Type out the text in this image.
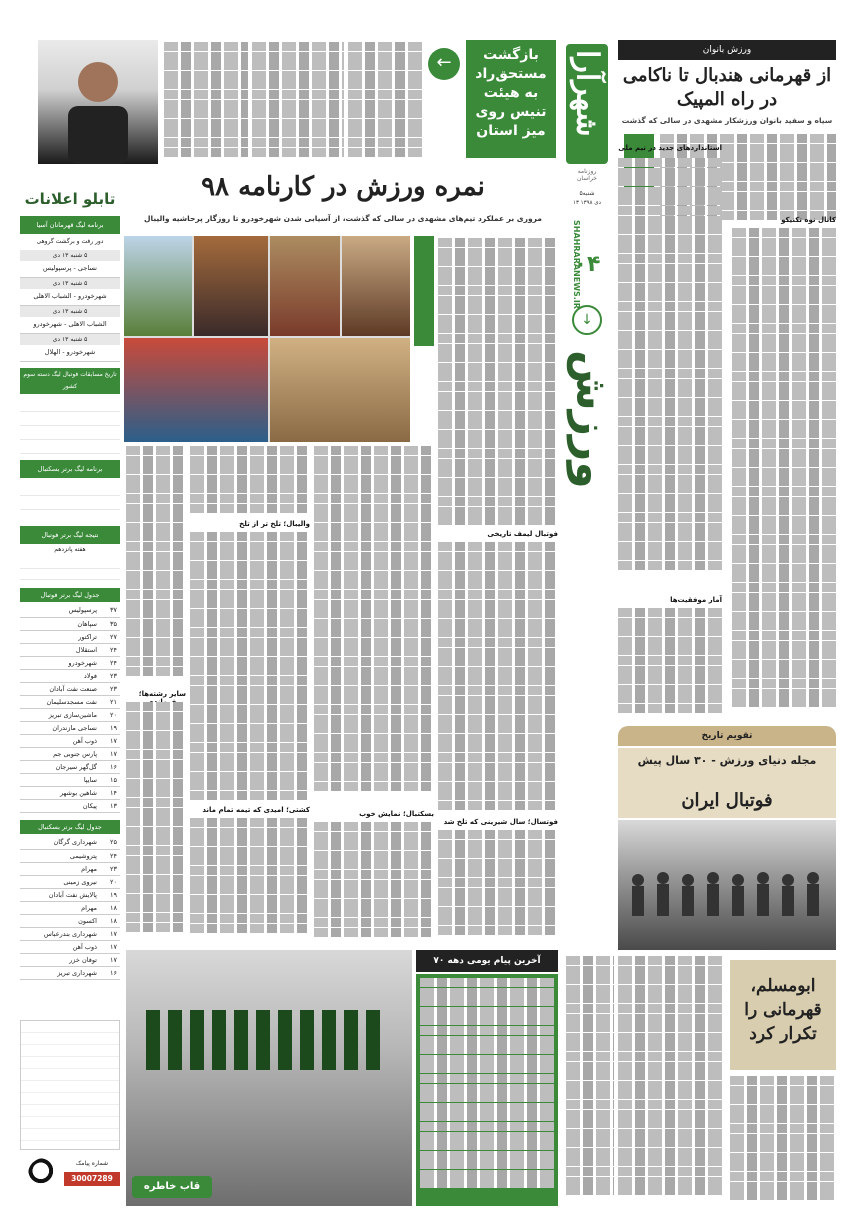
شهرآرا
روزنامه خراسان
۵شنبه
۱۳ دی ۱۳۹۸
SHAHRARANEWS.IR
۰۴
↓
ورزش
ورزش بانوان
از قهرمانی هندبال تا ناکامی در راه المپیک
سیاه و سفید بانوان ورزشکار مشهدی در سالی که گذشت
کانال نوه تکنیکو
استانداردهای جدید در تیم ملی
آمار موفقیت‌ها
تقویم تاریخ
مجله دنیای ورزش - ۳۰ سال پیش
فوتبال ایران
ابومسلم، قهرمانی را تکرار کرد
بازگشت مستحق‌راد به هیئت تنیس روی میز استان
←
تابلو اعلانات
برنامه لیگ قهرمانان آسیا
دور رفت و برگشت گروهی
۵ شنبه ۱۳ دی
نساجی - پرسپولیس
۵ شنبه ۱۳ دی
شهرخودرو - الشباب الاهلی
۵ شنبه ۱۳ دی
الشباب الاهلی - شهرخودرو
۵ شنبه ۱۳ دی
شهرخودرو - الهلال
تاریخ مسابقات فوتبال لیگ دسته سوم کشور
برنامه لیگ برتر بسکتبال
نتیجه لیگ برتر فوتبال
هفته پانزدهم
جدول لیگ برتر فوتبال
پرسپولیس	۳۷
سپاهان	۳۵
تراکتور	۲۷
استقلال	۲۴
شهرخودرو	۲۴
فولاد	۲۳
صنعت نفت آبادان	۲۳
نفت مسجدسلیمان	۲۱
ماشین‌سازی تبریز	۲۰
نساجی مازندران	۱۹
ذوب آهن	۱۷
پارس جنوبی جم	۱۷
گل‌گهر سیرجان	۱۶
سایپا	۱۵
شاهین بوشهر	۱۴
پیکان	۱۳
جدول لیگ برتر بسکتبال
شهرداری گرگان	۲۵
پتروشیمی	۲۴
مهرام	۲۳
نیروی زمینی	۲۰
پالایش نفت آبادان	۱۹
مهرام	۱۸
اکسون	۱۸
شهرداری بندرعباس	۱۷
ذوب آهن	۱۷
توفان خزر	۱۷
شهرداری تبریز	۱۶
شماره پیامک
30007289
نمره ورزش در کارنامه ۹۸
مروری بر عملکرد تیم‌های مشهدی در سالی که گذشت، از آسیابی شدن شهرخودرو تا روزگار پرحاشیه والیبال
فوتبال لیمف تاریخی
فوتسال؛ سال شیرینی که تلخ شد
بسکتبال؛ نمایش خوب
والیبال؛ تلخ تر از تلخ
کشتی؛ امیدی که تیمه تمام ماند
سایر رشته‌ها؛
قاب خاطره
آخرین پیام یومی دهه ۷۰
